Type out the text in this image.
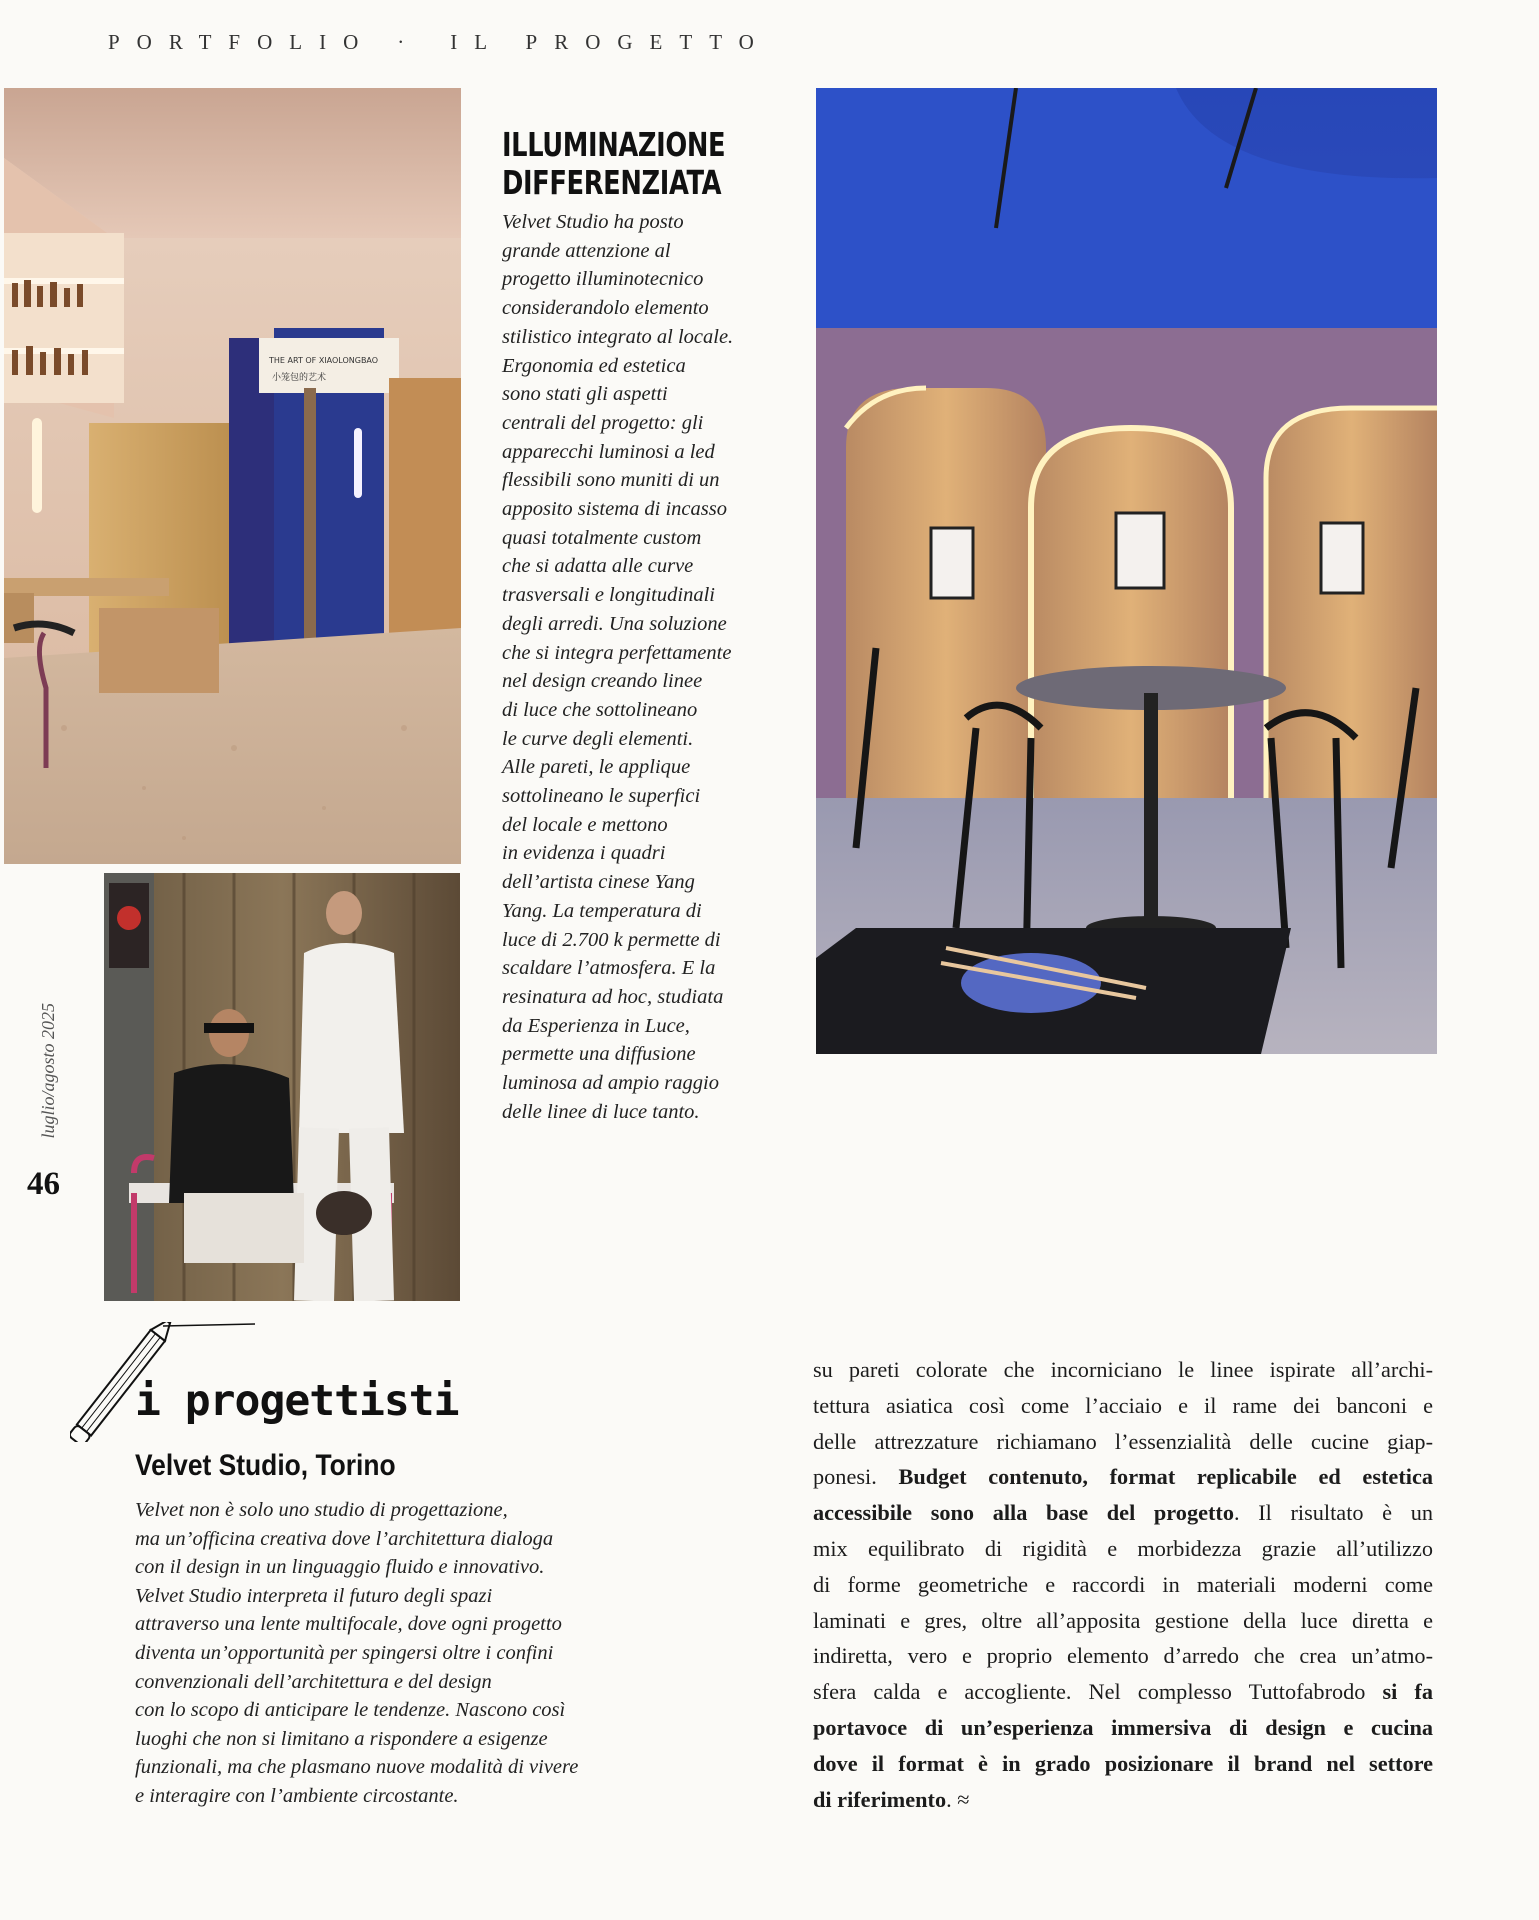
PORTFOLIO · IL PROGETTO
THE ART OF XIAOLONGBAO
小笼包的艺术
ILLUMINAZIONE
DIFFERENZIATA
Velvet Studio ha posto
grande attenzione al
progetto illuminotecnico
considerandolo elemento
stilistico integrato al locale.
Ergonomia ed estetica
sono stati gli aspetti
centrali del progetto: gli
apparecchi luminosi a led
flessibili sono muniti di un
apposito sistema di incasso
quasi totalmente custom
che si adatta alle curve
trasversali e longitudinali
degli arredi. Una soluzione
che si integra perfettamente
nel design creando linee
di luce che sottolineano
le curve degli elementi.
Alle pareti, le applique
sottolineano le superfici
del locale e mettono
in evidenza i quadri
dell’artista cinese Yang
Yang. La temperatura di
luce di 2.700 k permette di
scaldare l’atmosfera. E la
resinatura ad hoc, studiata
da Esperienza in Luce,
permette una diffusione
luminosa ad ampio raggio
delle linee di luce tanto.
luglio/agosto 2025
46
i progettisti
Velvet Studio, Torino
Velvet non è solo uno studio di progettazione,
ma un’officina creativa dove l’architettura dialoga
con il design in un linguaggio fluido e innovativo.
Velvet Studio interpreta il futuro degli spazi
attraverso una lente multifocale, dove ogni progetto
diventa un’opportunità per spingersi oltre i confini
convenzionali dell’architettura e del design
con lo scopo di anticipare le tendenze. Nascono così
luoghi che non si limitano a rispondere a esigenze
funzionali, ma che plasmano nuove modalità di vivere
e interagire con l’ambiente circostante.
su pareti colorate che incorniciano le linee ispirate all’archi-
tettura asiatica così come l’acciaio e il rame dei banconi e
delle attrezzature richiamano l’essenzialità delle cucine giap-
ponesi. Budget contenuto, format replicabile ed estetica
accessibile sono alla base del progetto. Il risultato è un
mix equilibrato di rigidità e morbidezza grazie all’utilizzo
di forme geometriche e raccordi in materiali moderni come
laminati e gres, oltre all’apposita gestione della luce diretta e
indiretta, vero e proprio elemento d’arredo che crea un’atmo-
sfera calda e accogliente. Nel complesso Tuttofabrodo si fa
portavoce di un’esperienza immersiva di design e cucina
dove il format è in grado posizionare il brand nel settore
di riferimento. ≈
